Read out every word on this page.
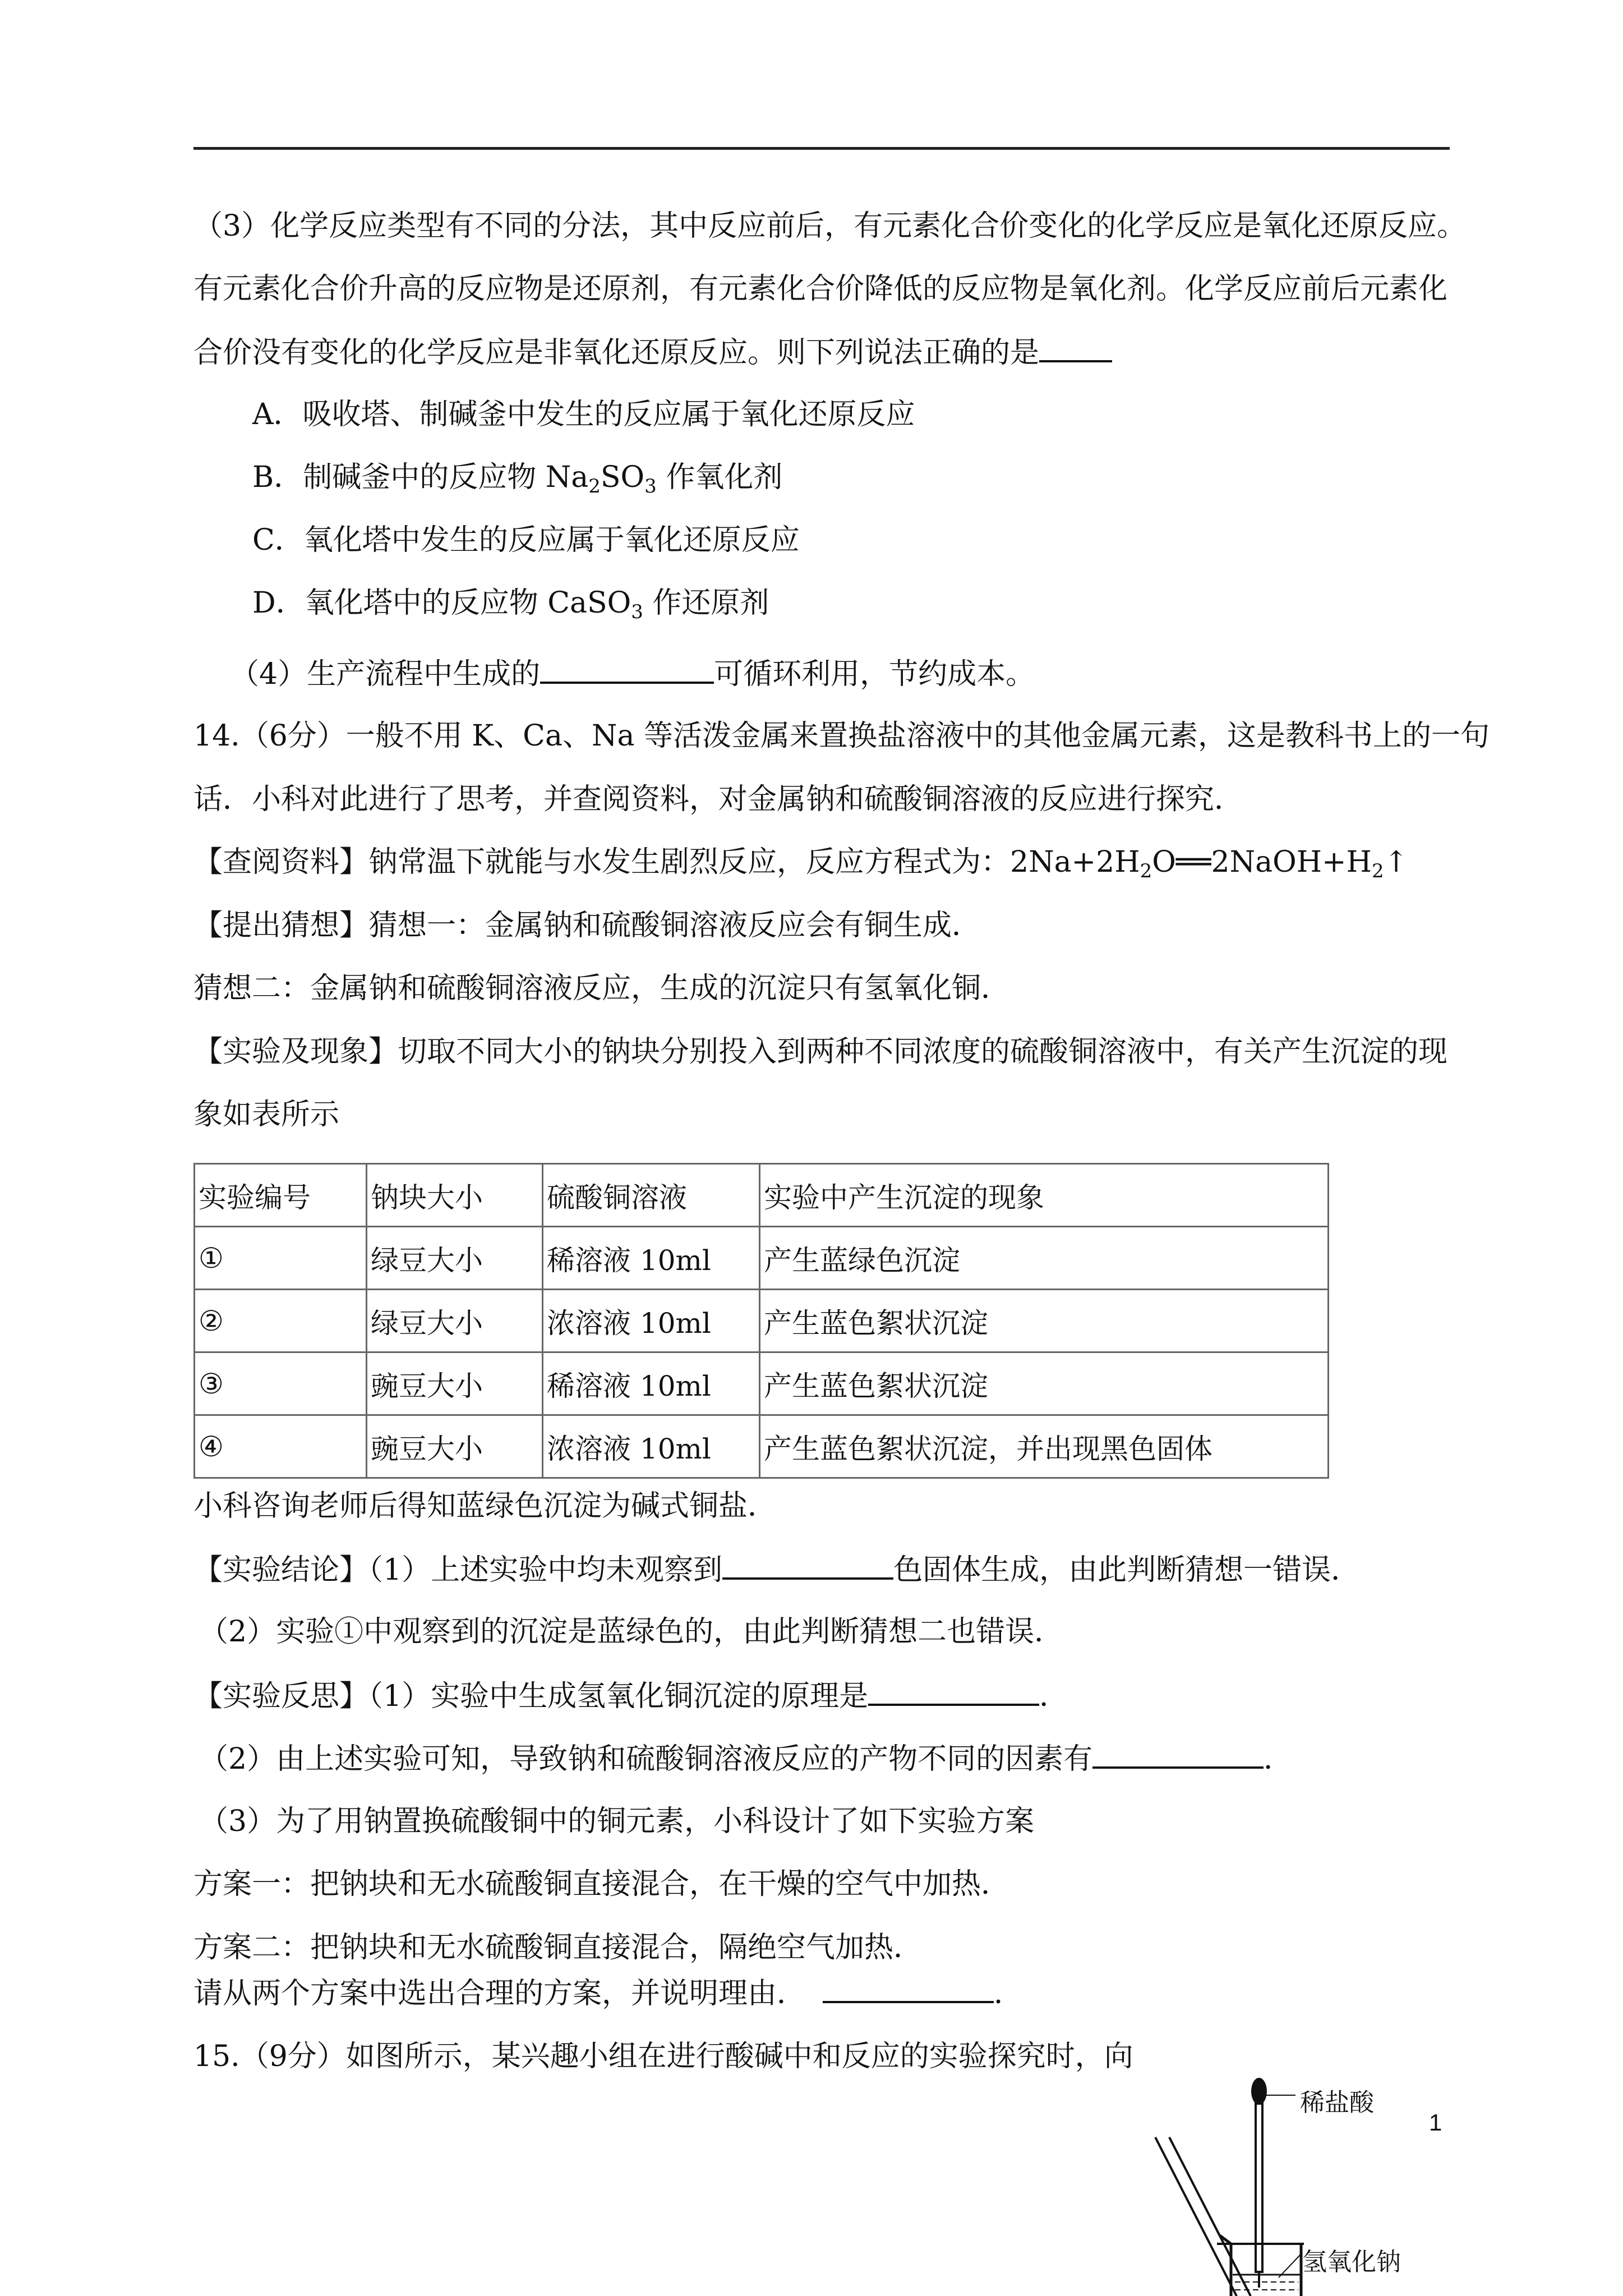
（3）化学反应类型有不同的分法，其中反应前后，有元素化合价变化的化学反应是氧化还原反应。
有元素化合价升高的反应物是还原剂，有元素化合价降低的反应物是氧化剂。化学反应前后元素化
合价没有变化的化学反应是非氧化还原反应。则下列说法正确的是
A．吸收塔、制碱釜中发生的反应属于氧化还原反应
B．制碱釜中的反应物 $Na_2SO_3$ 作氧化剂
C．氧化塔中发生的反应属于氧化还原反应
D．氧化塔中的反应物 CaSO$_3$ 作还原剂
（4）生产流程中生成的	可循环利用，节约成本。
14.（6分）一般不用 K、Ca、Na 等活泼金属来置换盐溶液中的其他金属元素，这是教科书上的一句
话．小科对此进行了思考，并查阅资料，对金属钠和硫酸铜溶液的反应进行探究．
【查阅资料】钠常温下就能与水发生剧烈反应，反应方程式为：$2Na+2H_2O══2NaOH+H_2↑$
【提出猜想】猜想一：金属钠和硫酸铜溶液反应会有铜生成．
猜想二：金属钠和硫酸铜溶液反应，生成的沉淀只有氢氧化铜．
【实验及现象】切取不同大小的钠块分别投入到两种不同浓度的硫酸铜溶液中，有关产生沉淀的现
象如表所示
实验编号	钠块大小	硫酸铜溶液	实验中产生沉淀的现象
①	绿豆大小	稀溶液 10ml	产生蓝绿色沉淀
②	绿豆大小	浓溶液 10ml	产生蓝色絮状沉淀
③	豌豆大小	稀溶液 10ml	产生蓝色絮状沉淀
④	豌豆大小	浓溶液 10ml	产生蓝色絮状沉淀，并出现黑色固体
小科咨询老师后得知蓝绿色沉淀为碱式铜盐．
【实验结论】（1）上述实验中均未观察到	色固体生成，由此判断猜想一错误．
（2）实验①中观察到的沉淀是蓝绿色的，由此判断猜想二也错误．
【实验反思】（1）实验中生成氢氧化铜沉淀的原理是	．
（2）由上述实验可知，导致钠和硫酸铜溶液反应的产物不同的因素有	．
（3）为了用钠置换硫酸铜中的铜元素，小科设计了如下实验方案
方案一：把钠块和无水硫酸铜直接混合，在干燥的空气中加热．
方案二：把钠块和无水硫酸铜直接混合，隔绝空气加热．
请从两个方案中选出合理的方案，并说明理由．	．
15.（9分）如图所示，某兴趣小组在进行酸碱中和反应的实验探究时，向
稀盐酸
氢氧化钠
1
